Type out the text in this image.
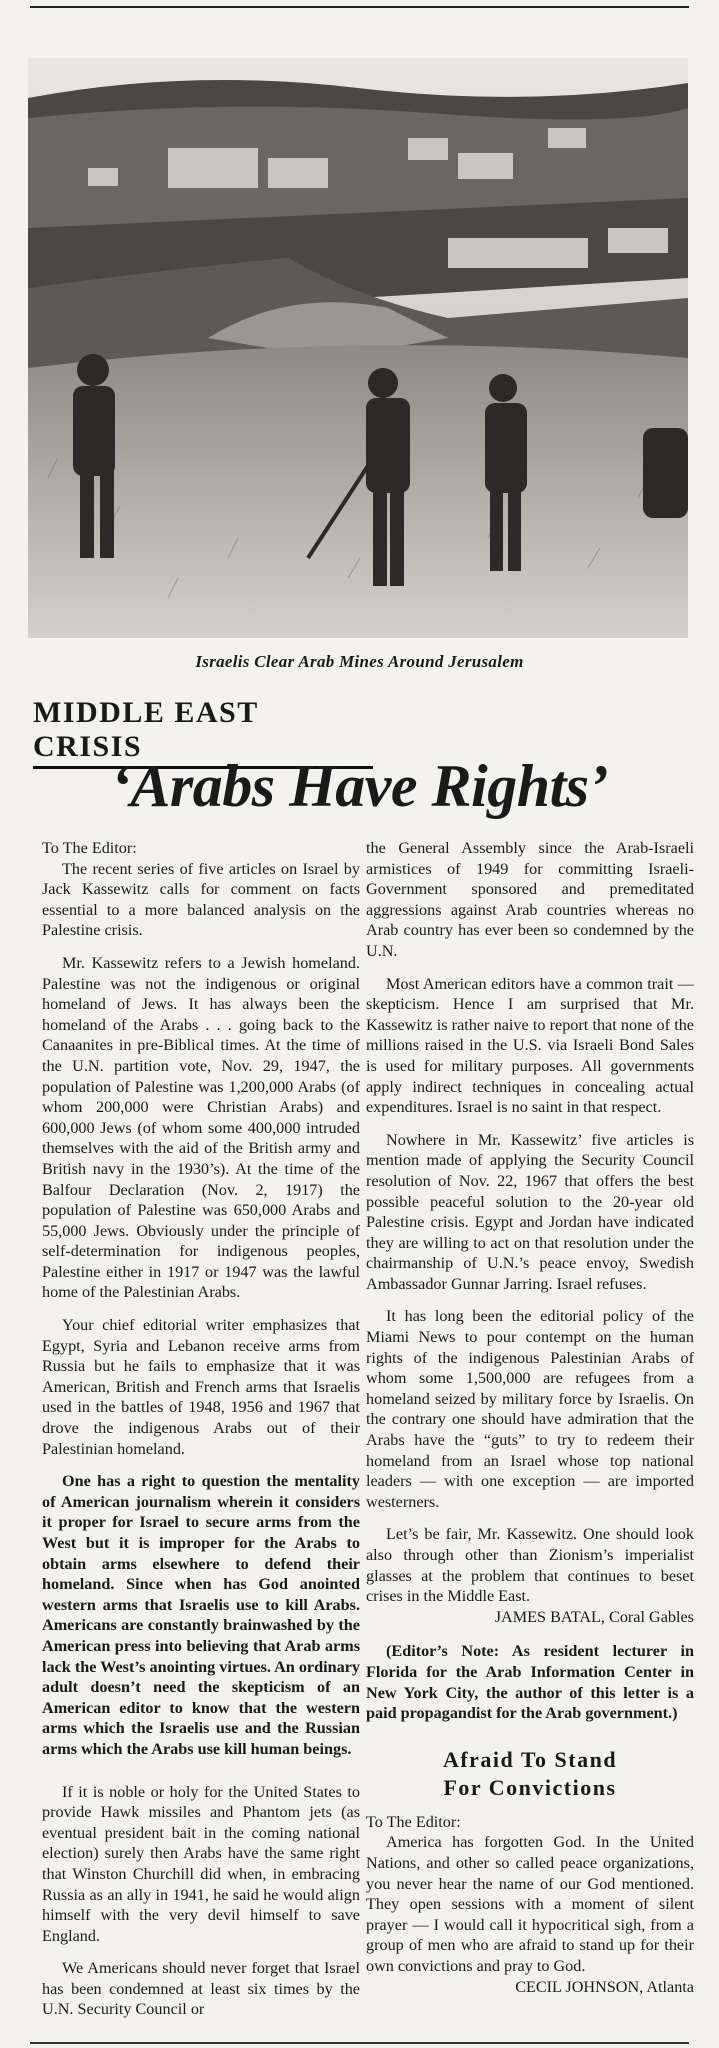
Israelis Clear Arab Mines Around Jerusalem
MIDDLE EAST CRISIS
‘Arabs Have Rights’

To The Editor:

The recent series of five articles on Israel by Jack Kassewitz calls for comment on facts essential to a more balanced analysis on the Palestine crisis.

Mr. Kassewitz refers to a Jewish homeland. Palestine was not the indigenous or original homeland of Jews. It has always been the homeland of the Arabs . . . going back to the Canaanites in pre-Biblical times. At the time of the U.N. partition vote, Nov. 29, 1947, the population of Palestine was 1,200,000 Arabs (of whom 200,000 were Christian Arabs) and 600,000 Jews (of whom some 400,000 intruded themselves with the aid of the British army and British navy in the 1930’s). At the time of the Balfour Declaration (Nov. 2, 1917) the population of Palestine was 650,000 Arabs and 55,000 Jews. Obviously under the principle of self-determination for indigenous peoples, Palestine either in 1917 or 1947 was the lawful home of the Palestinian Arabs.

Your chief editorial writer emphasizes that Egypt, Syria and Lebanon receive arms from Russia but he fails to emphasize that it was American, British and French arms that Israelis used in the battles of 1948, 1956 and 1967 that drove the indigenous Arabs out of their Palestinian homeland.

One has a right to question the mentality of American journalism wherein it considers it proper for Israel to secure arms from the West but it is improper for the Arabs to obtain arms elsewhere to defend their homeland. Since when has God anointed western arms that Israelis use to kill Arabs. Americans are constantly brainwashed by the American press into believing that Arab arms lack the West’s anointing virtues. An ordinary adult doesn’t need the skepticism of an American editor to know that the western arms which the Israelis use and the Russian arms which the Arabs use kill human beings.

If it is noble or holy for the United States to provide Hawk missiles and Phantom jets (as eventual president bait in the coming national election) surely then Arabs have the same right that Winston Churchill did when, in embracing Russia as an ally in 1941, he said he would align himself with the very devil himself to save England.

We Americans should never forget that Israel has been condemned at least six times by the U.N. Security Council or

the General Assembly since the Arab-Israeli armistices of 1949 for committing Israeli-Government sponsored and premeditated aggressions against Arab countries whereas no Arab country has ever been so condemned by the U.N.

Most American editors have a common trait — skepticism. Hence I am surprised that Mr. Kassewitz is rather naive to report that none of the millions raised in the U.S. via Israeli Bond Sales is used for military purposes. All governments apply indirect techniques in concealing actual expenditures. Israel is no saint in that respect.

Nowhere in Mr. Kassewitz’ five articles is mention made of applying the Security Council resolution of Nov. 22, 1967 that offers the best possible peaceful solution to the 20-year old Palestine crisis. Egypt and Jordan have indicated they are willing to act on that resolution under the chairmanship of U.N.’s peace envoy, Swedish Ambassador Gunnar Jarring. Israel refuses.

It has long been the editorial policy of the Miami News to pour contempt on the human rights of the indigenous Palestinian Arabs of whom some 1,500,000 are refugees from a homeland seized by military force by Israelis. On the contrary one should have admiration that the Arabs have the “guts” to try to redeem their homeland from an Israel whose top national leaders — with one exception — are imported westerners.

Let’s be fair, Mr. Kassewitz. One should look also through other than Zionism’s imperialist glasses at the problem that continues to beset crises in the Middle East.

JAMES BATAL, Coral Gables

(Editor’s Note: As resident lecturer in Florida for the Arab Information Center in New York City, the author of this letter is a paid propagandist for the Arab government.)

Afraid To Stand
For Convictions

To The Editor:

America has forgotten God. In the United Nations, and other so called peace organizations, you never hear the name of our God mentioned. They open sessions with a moment of silent prayer — I would call it hypocritical sigh, from a group of men who are afraid to stand up for their own convictions and pray to God.

CECIL JOHNSON, Atlanta
